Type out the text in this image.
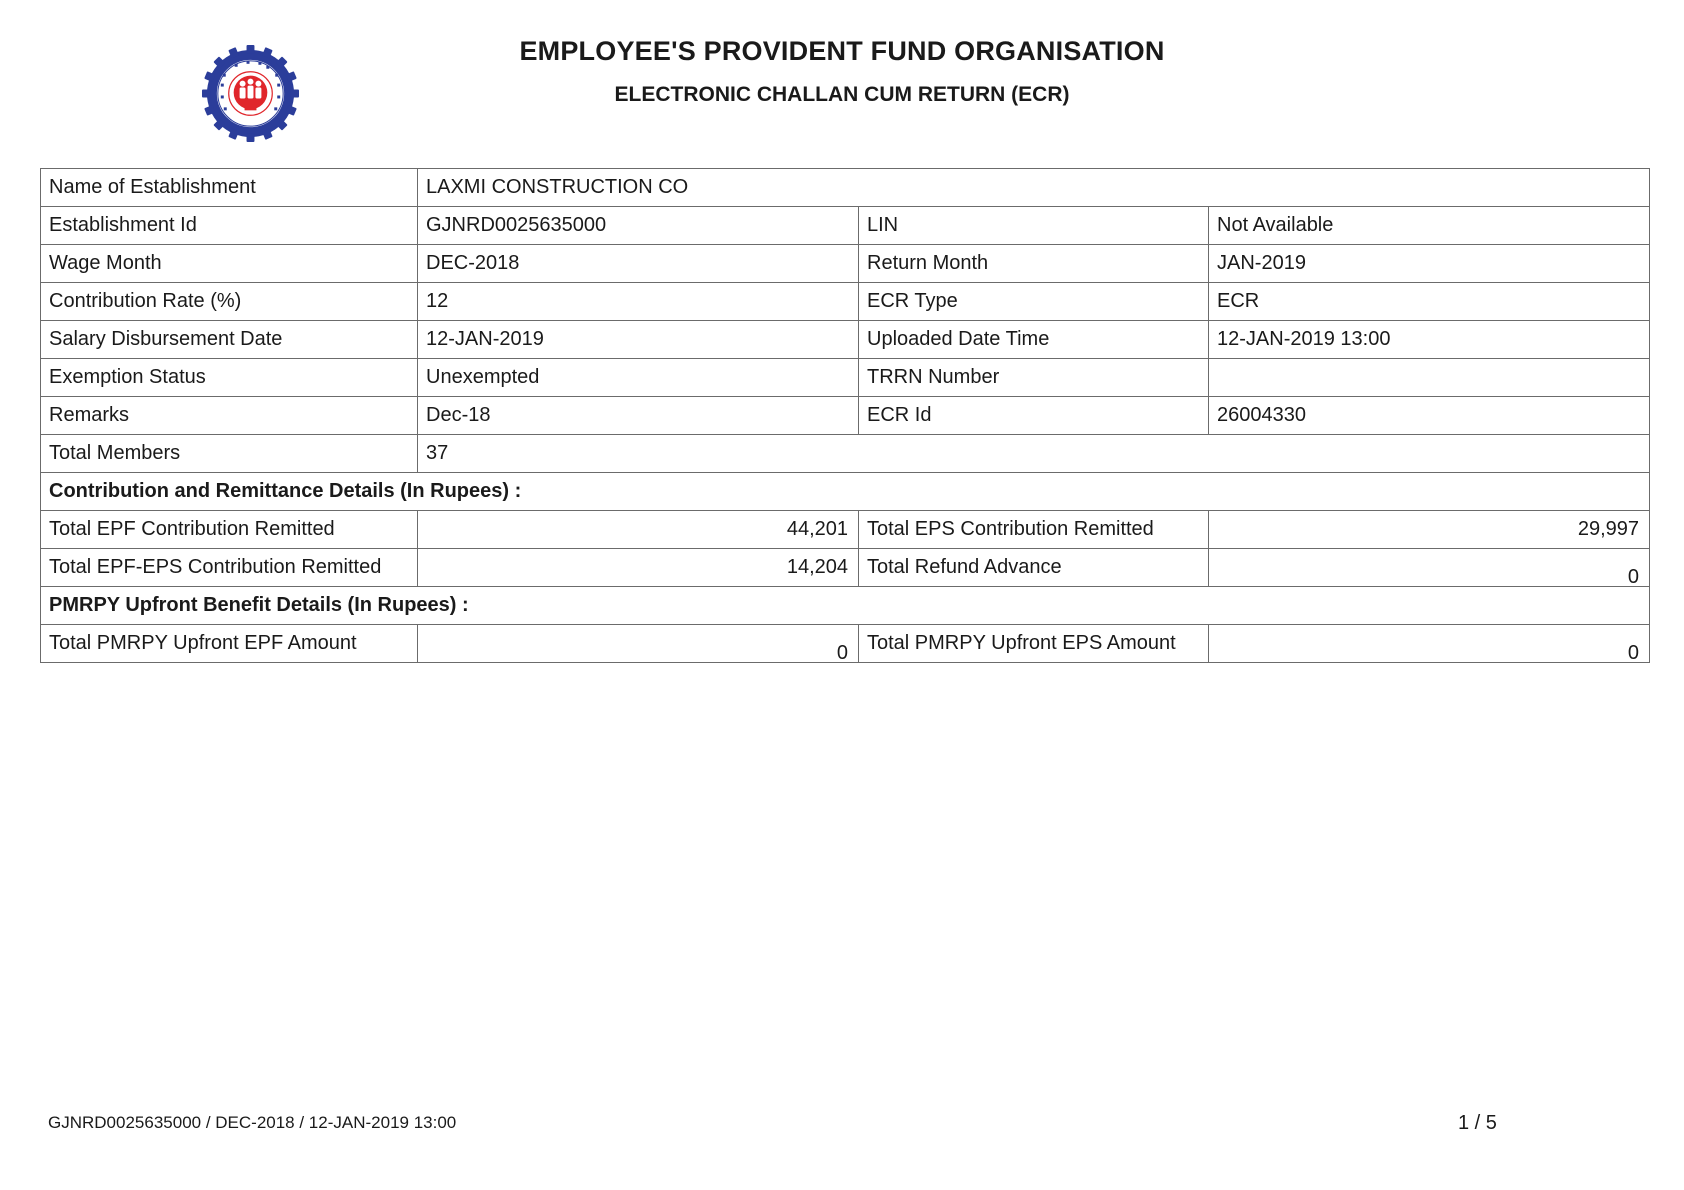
EMPLOYEE'S PROVIDENT FUND ORGANISATION
ELECTRONIC CHALLAN CUM RETURN (ECR)
Name of Establishment	LAXMI CONSTRUCTION CO		
Establishment Id	GJNRD0025635000	LIN	Not Available
Wage Month	DEC-2018	Return Month	JAN-2019
Contribution Rate (%)	12	ECR Type	ECR
Salary Disbursement Date	12-JAN-2019	Uploaded Date Time	12-JAN-2019 13:00
Exemption Status	Unexempted	TRRN Number	
Remarks	Dec-18	ECR Id	26004330
Total Members	37		
Contribution and Remittance Details (In Rupees) :			
Total EPF Contribution Remitted	44,201	Total EPS Contribution Remitted	29,997
Total EPF-EPS Contribution Remitted	14,204	Total Refund Advance	0
PMRPY Upfront Benefit Details (In Rupees) :			
Total PMRPY Upfront EPF Amount	0	Total PMRPY Upfront EPS Amount	0
GJNRD0025635000 / DEC-2018 / 12-JAN-2019 13:00	1 / 5
